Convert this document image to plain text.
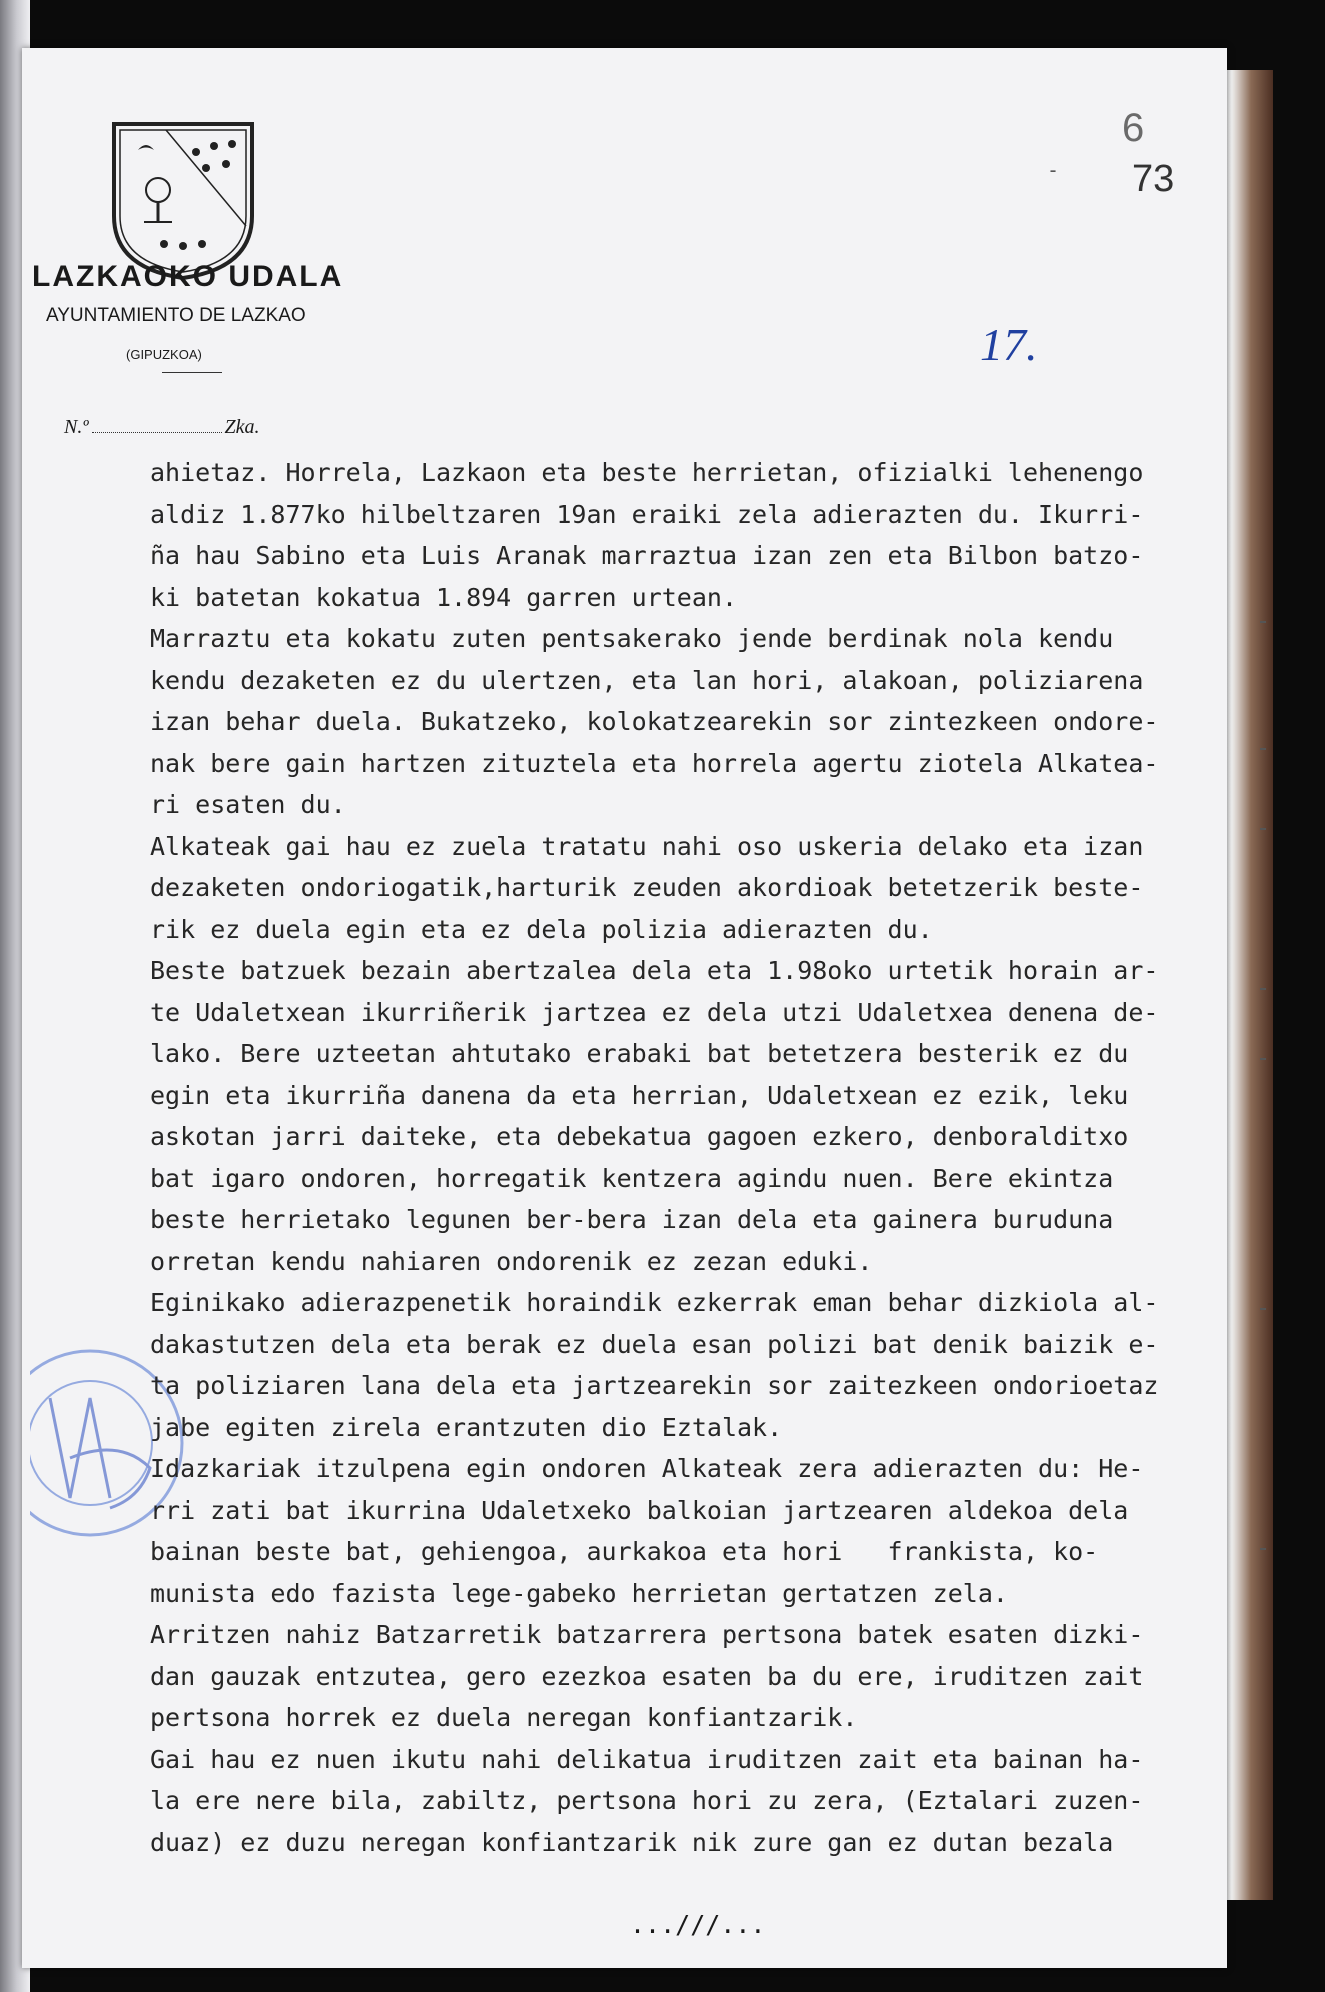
LAZKAOKO UDALA
AYUNTAMIENTO DE LAZKAO
(GIPUZKOA)
N.º	Zka.
6
- 73
17.
ahietaz. Horrela, Lazkaon eta beste herrietan, ofizialki lehenengo
aldiz 1.877ko hilbeltzaren 19an eraiki zela adierazten du. Ikurri-
ña hau Sabino eta Luis Aranak marraztua izan zen eta Bilbon batzo-
ki batetan kokatua 1.894 garren urtean.
Marraztu eta kokatu zuten pentsakerako jende berdinak nola kendu
kendu dezaketen ez du ulertzen, eta lan hori, alakoan, poliziarena
izan behar duela. Bukatzeko, kolokatzearekin sor zintezkeen ondore-
nak bere gain hartzen zituztela eta horrela agertu ziotela Alkatea-
ri esaten du.
Alkateak gai hau ez zuela tratatu nahi oso uskeria delako eta izan
dezaketen ondoriogatik,harturik zeuden akordioak betetzerik beste-
rik ez duela egin eta ez dela polizia adierazten du.
Beste batzuek bezain abertzalea dela eta 1.98oko urtetik horain ar-
te Udaletxean ikurriñerik jartzea ez dela utzi Udaletxea denena de-
lako. Bere uzteetan ahtutako erabaki bat betetzera besterik ez du
egin eta ikurriña danena da eta herrian, Udaletxean ez ezik, leku
askotan jarri daiteke, eta debekatua gagoen ezkero, denboralditxo
bat igaro ondoren, horregatik kentzera agindu nuen. Bere ekintza
beste herrietako legunen ber-bera izan dela eta gainera buruduna
orretan kendu nahiaren ondorenik ez zezan eduki.
Eginikako adierazpenetik horaindik ezkerrak eman behar dizkiola al-
dakastutzen dela eta berak ez duela esan polizi bat denik baizik e-
ta poliziaren lana dela eta jartzearekin sor zaitezkeen ondorioetaz
jabe egiten zirela erantzuten dio Eztalak.
Idazkariak itzulpena egin ondoren Alkateak zera adierazten du: He-
rri zati bat ikurrina Udaletxeko balkoian jartzearen aldekoa dela
bainan beste bat, gehiengoa, aurkakoa eta hori   frankista, ko-
munista edo fazista lege-gabeko herrietan gertatzen zela.
Arritzen nahiz Batzarretik batzarrera pertsona batek esaten dizki-
dan gauzak entzutea, gero ezezkoa esaten ba du ere, iruditzen zait
pertsona horrek ez duela neregan konfiantzarik.
Gai hau ez nuen ikutu nahi delikatua iruditzen zait eta bainan ha-
la ere nere bila, zabiltz, pertsona hori zu zera, (Eztalari zuzen-
duaz) ez duzu neregan konfiantzarik nik zure gan ez dutan bezala
...///...
